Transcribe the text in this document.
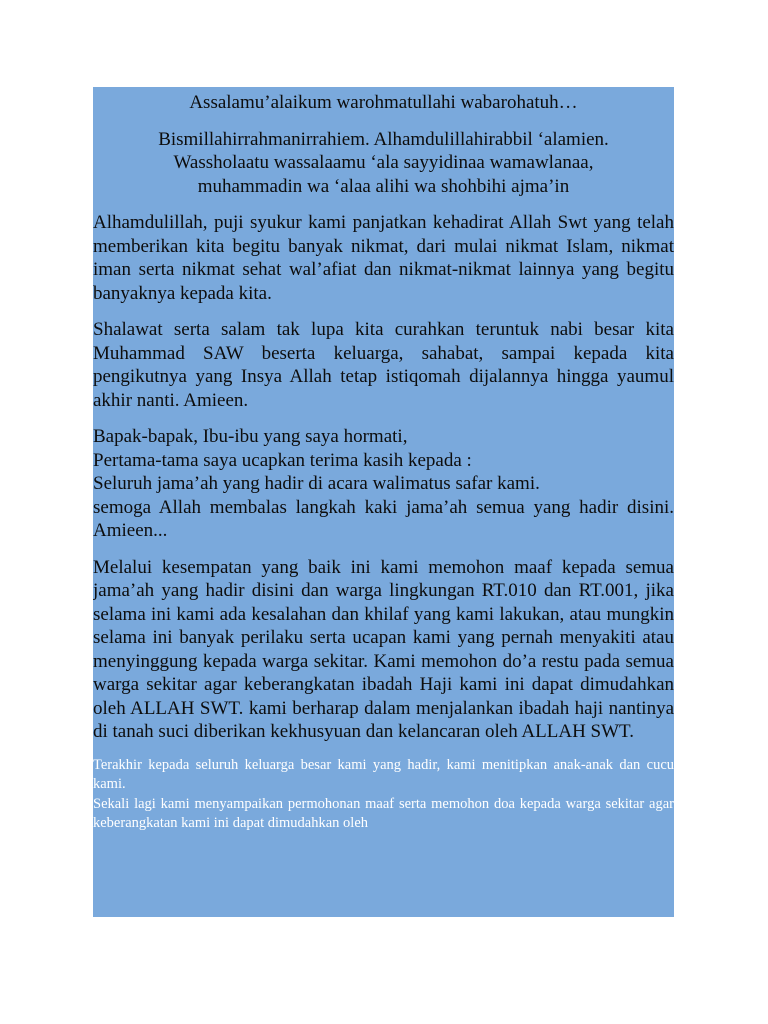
Assalamu’alaikum warohmatullahi wabarohatuh…

Bismillahirrahmanirrahiem. Alhamdulillahirabbil ‘alamien.
Wassholaatu wassalaamu ‘ala sayyidinaa wamawlanaa,
muhammadin wa ‘alaa alihi wa shohbihi ajma’in

Alhamdulillah, puji syukur kami panjatkan kehadirat Allah Swt yang telah memberikan kita begitu banyak nikmat, dari mulai nikmat Islam, nikmat iman serta nikmat sehat wal’afiat dan nikmat-nikmat lainnya yang begitu banyaknya kepada kita.

Shalawat serta salam tak lupa kita curahkan teruntuk nabi besar kita Muhammad SAW beserta keluarga, sahabat, sampai kepada kita pengikutnya yang Insya Allah tetap istiqomah dijalannya hingga yaumul akhir nanti. Amieen.

Bapak-bapak, Ibu-ibu yang saya hormati,
Pertama-tama saya ucapkan terima kasih kepada :
Seluruh jama’ah yang hadir di acara walimatus safar kami.

semoga Allah membalas langkah kaki jama’ah semua yang hadir disini. Amieen...

Melalui kesempatan yang baik ini kami memohon maaf kepada semua jama’ah yang hadir disini dan warga lingkungan RT.010 dan RT.001, jika selama ini kami ada kesalahan dan khilaf yang kami lakukan, atau mungkin selama ini banyak perilaku serta ucapan kami yang pernah menyakiti atau menyinggung kepada warga sekitar. Kami memohon do’a restu pada semua warga sekitar agar keberangkatan ibadah Haji kami ini dapat dimudahkan oleh ALLAH SWT. kami berharap dalam menjalankan ibadah haji nantinya di tanah suci diberikan kekhusyuan dan kelancaran oleh ALLAH SWT.

Terakhir kepada seluruh keluarga besar kami yang hadir, kami menitipkan anak-anak dan cucu kami.

Sekali lagi kami menyampaikan permohonan maaf serta memohon doa kepada warga sekitar agar keberangkatan kami ini dapat dimudahkan oleh
